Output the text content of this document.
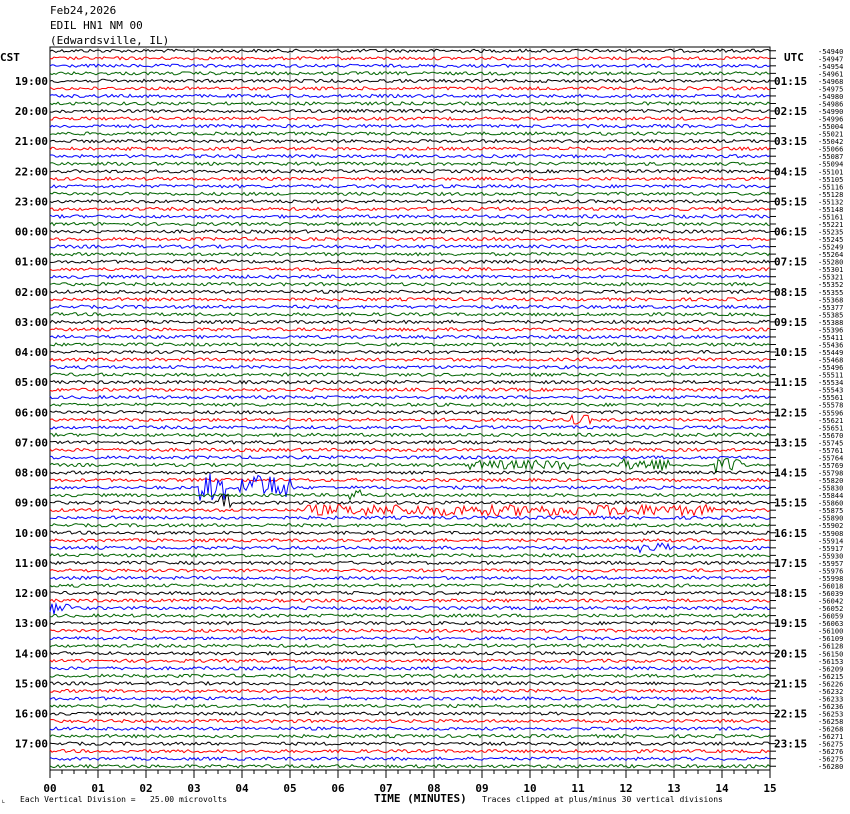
Feb24,2026
EDIL HN1 NM 00
(Edwardsville, IL)
00	01	02	03	04	05	06	07	08	09	10	11	12	13	14	15
CST	UTC
19:00
20:00
21:00
22:00
23:00
00:00
01:00
02:00
03:00
04:00
05:00
06:00
07:00
08:00
09:00
10:00
11:00
12:00
13:00
14:00
15:00
16:00
17:00
01:15
02:15
03:15
04:15
05:15
06:15
07:15
08:15
09:15
10:15
11:15
12:15
13:15
14:15
15:15
16:15
17:15
18:15
19:15
20:15
21:15
22:15
23:15
-54940
-54947
-54954
-54961
-54968
-54975
-54980
-54986
-54990
-54996
-55004
-55021
-55042
-55066
-55087
-55094
-55101
-55105
-55116
-55128
-55132
-55148
-55161
-55221
-55235
-55245
-55249
-55264
-55280
-55301
-55321
-55352
-55355
-55368
-55377
-55385
-55388
-55396
-55411
-55436
-55449
-55468
-55496
-55511
-55534
-55543
-55561
-55578
-55596
-55621
-55651
-55670
-55745
-55761
-55764
-55769
-55798
-55820
-55830
-55844
-55860
-55875
-55890
-55902
-55908
-55914
-55917
-55930
-55957
-55976
-55998
-56018
-56039
-56042
-56052
-56059
-56063
-56100
-56109
-56128
-56150
-56153
-56209
-56215
-56226
-56232
-56233
-56236
-56253
-56258
-56268
-56271
-56275
-56276
-56275
-56280
⌞ Each Vertical Division =   25.00 microvolts	TIME (MINUTES) Traces clipped at plus/minus 30 vertical divisions
